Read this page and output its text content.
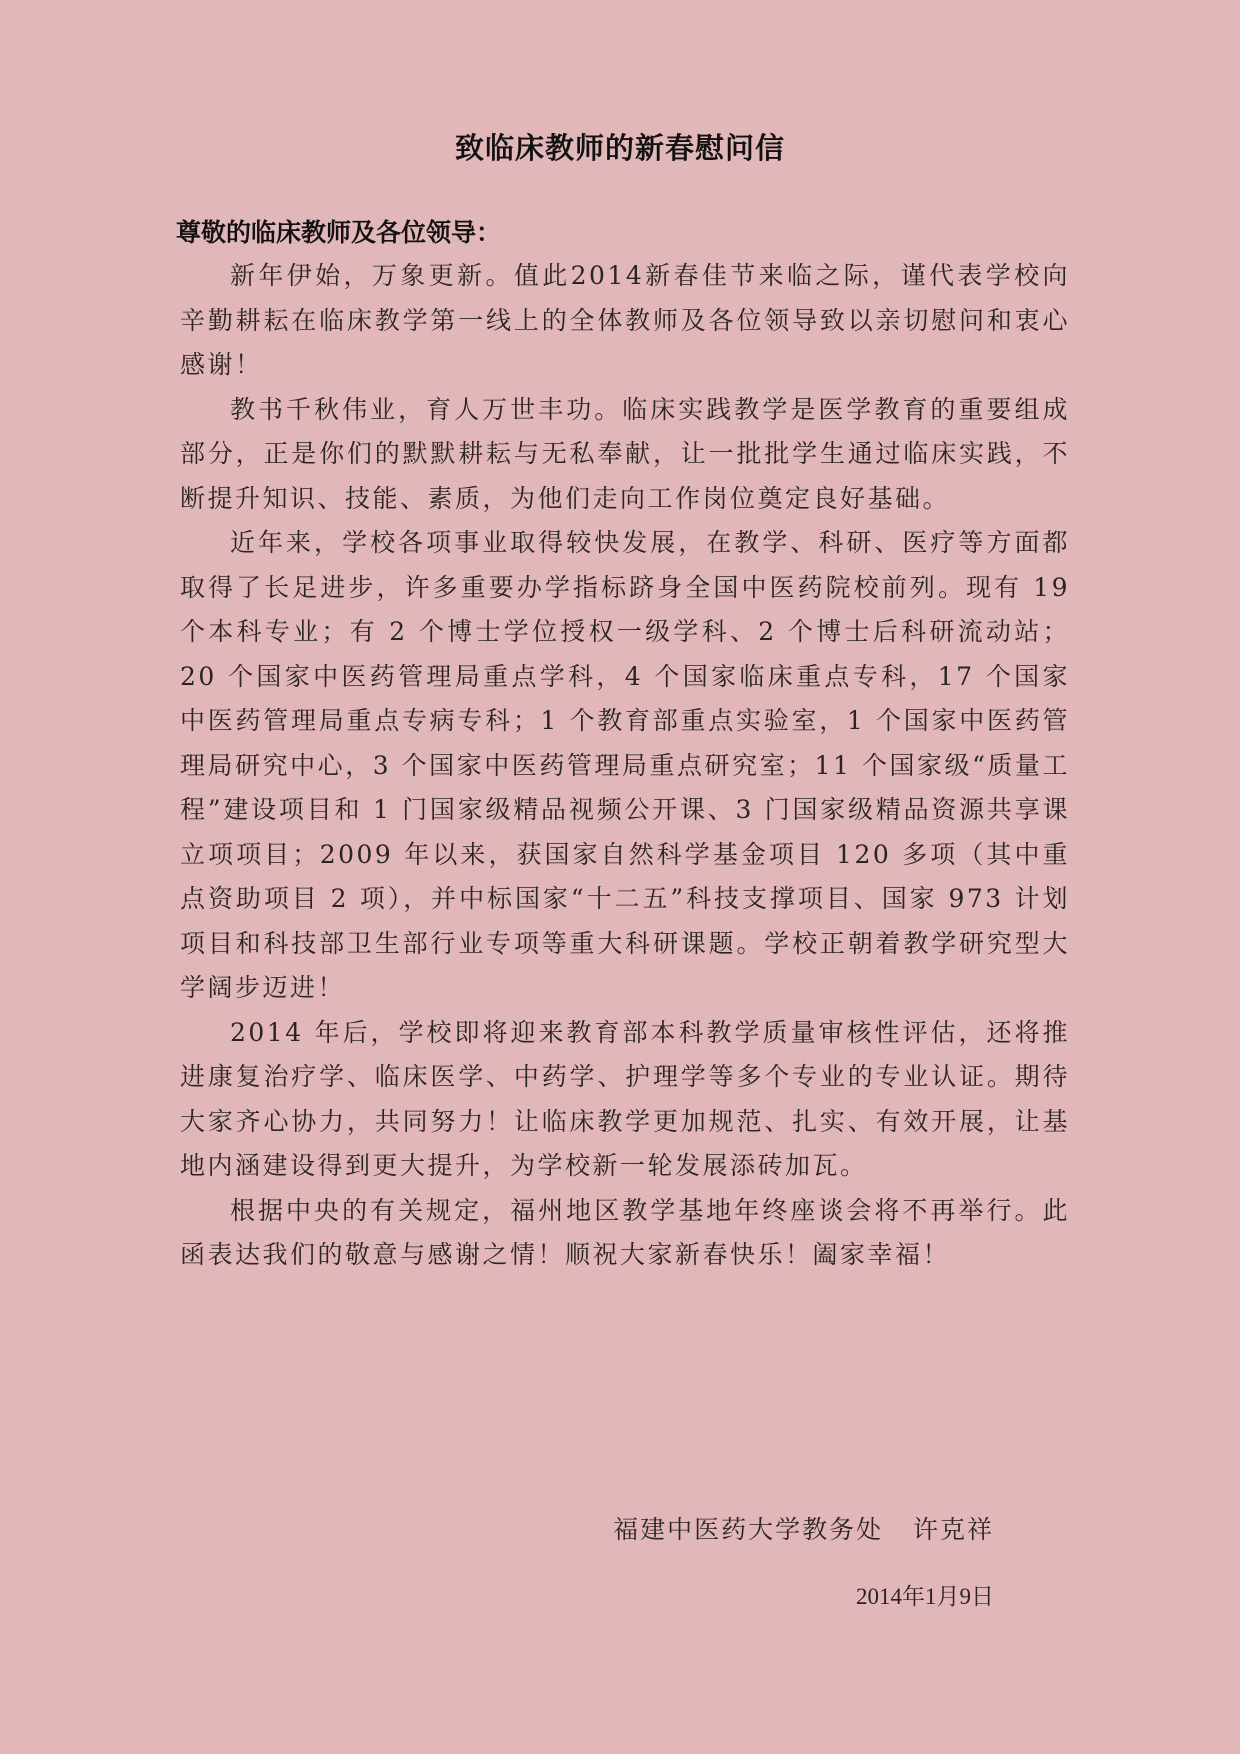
致临床教师的新春慰问信
尊敬的临床教师及各位领导：

新年伊始，万象更新。值此2014新春佳节来临之际，谨代表学校向辛勤耕耘在临床教学第一线上的全体教师及各位领导致以亲切慰问和衷心感谢！

教书千秋伟业，育人万世丰功。临床实践教学是医学教育的重要组成部分，正是你们的默默耕耘与无私奉献，让一批批学生通过临床实践，不断提升知识、技能、素质，为他们走向工作岗位奠定良好基础。

近年来，学校各项事业取得较快发展，在教学、科研、医疗等方面都取得了长足进步，许多重要办学指标跻身全国中医药院校前列。现有 19 个本科专业；有 2 个博士学位授权一级学科、2 个博士后科研流动站；20 个国家中医药管理局重点学科，4 个国家临床重点专科，17 个国家中医药管理局重点专病专科；1 个教育部重点实验室，1 个国家中医药管理局研究中心，3 个国家中医药管理局重点研究室；11 个国家级“质量工程”建设项目和 1 门国家级精品视频公开课、3 门国家级精品资源共享课立项项目；2009 年以来，获国家自然科学基金项目 120 多项（其中重点资助项目 2 项），并中标国家“十二五”科技支撑项目、国家 973 计划项目和科技部卫生部行业专项等重大科研课题。学校正朝着教学研究型大学阔步迈进！

2014 年后，学校即将迎来教育部本科教学质量审核性评估，还将推进康复治疗学、临床医学、中药学、护理学等多个专业的专业认证。期待大家齐心协力，共同努力！让临床教学更加规范、扎实、有效开展，让基地内涵建设得到更大提升，为学校新一轮发展添砖加瓦。

根据中央的有关规定，福州地区教学基地年终座谈会将不再举行。此函表达我们的敬意与感谢之情！顺祝大家新春快乐！阖家幸福！

福建中医药大学教务处   许克祥
2014年1月9日
